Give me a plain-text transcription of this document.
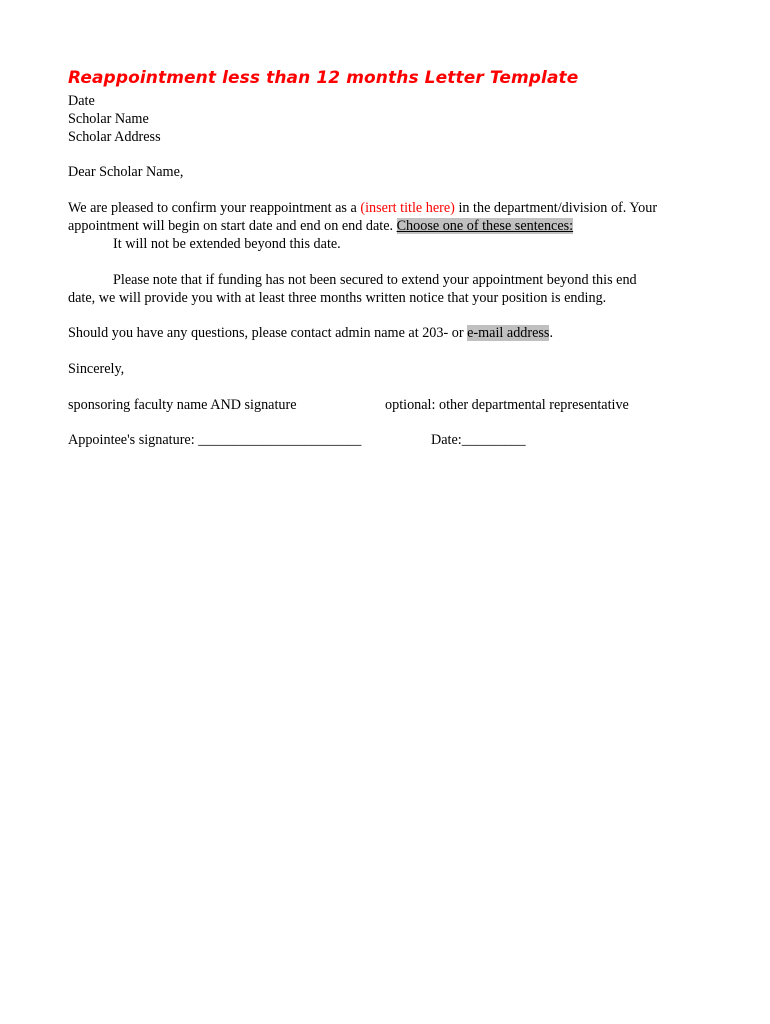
Reappointment less than 12 months Letter Template
Date
Scholar Name
Scholar Address
Dear Scholar Name,
We are pleased to confirm your reappointment as a (insert title here) in the department/division of. Your
appointment will begin on start date and end on end date. Choose one of these sentences:
It will not be extended beyond this date.
Please note that if funding has not been secured to extend your appointment beyond this end
date, we will provide you with at least three months written notice that your position is ending.
Should you have any questions, please contact admin name at 203- or e-mail address.
Sincerely,
sponsoring faculty name AND signature	optional: other departmental representative
Appointee's signature: _______________________	Date:_________
